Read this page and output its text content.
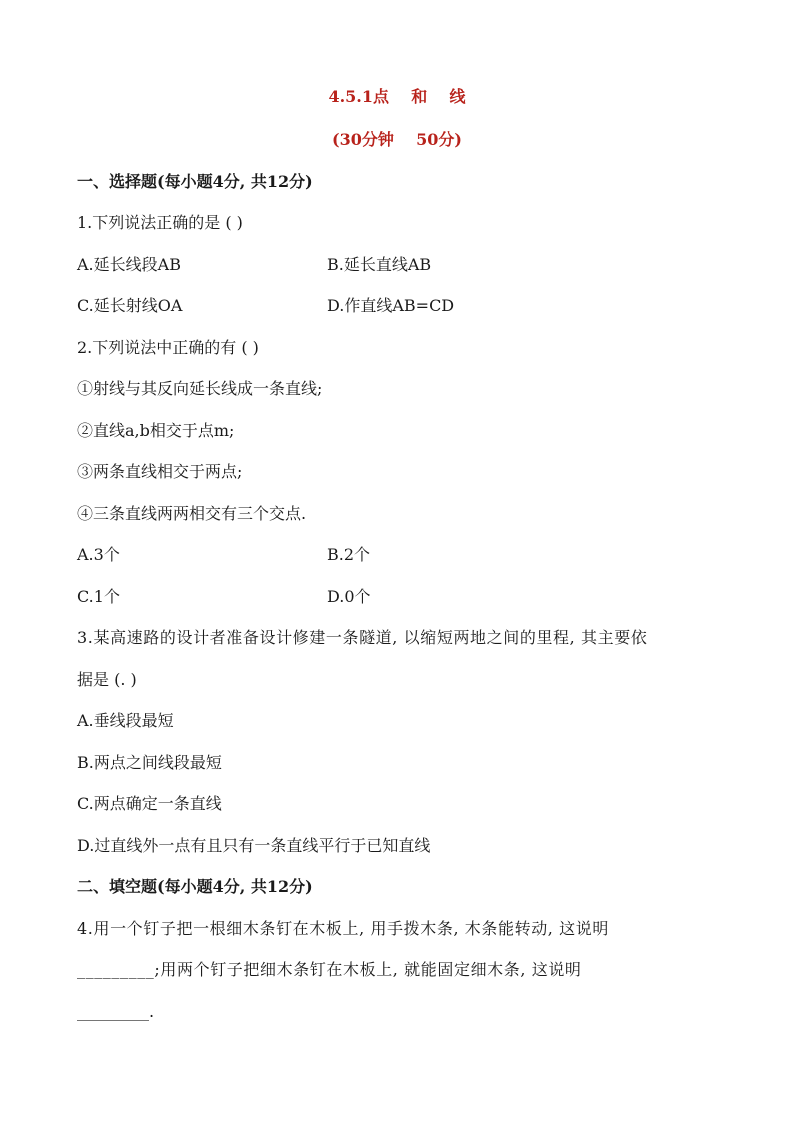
4.5.1点    和    线
(30分钟    50分)
一、选择题(每小题4分, 共12分)
1.下列说法正确的是 ( )
A.延长线段AB	B.延长直线AB
C.延长射线OA	D.作直线AB=CD
2.下列说法中正确的有 ( )
①射线与其反向延长线成一条直线;
②直线a,b相交于点m;
③两条直线相交于两点;
④三条直线两两相交有三个交点.
A.3个	B.2个
C.1个	D.0个
3.某高速路的设计者准备设计修建一条隧道, 以缩短两地之间的里程, 其主要依
据是 (. )
A.垂线段最短
B.两点之间线段最短
C.两点确定一条直线
D.过直线外一点有且只有一条直线平行于已知直线
二、填空题(每小题4分, 共12分)
4.用一个钉子把一根细木条钉在木板上, 用手拨木条, 木条能转动, 这说明
_________;用两个钉子把细木条钉在木板上, 就能固定细木条, 这说明
_________.
